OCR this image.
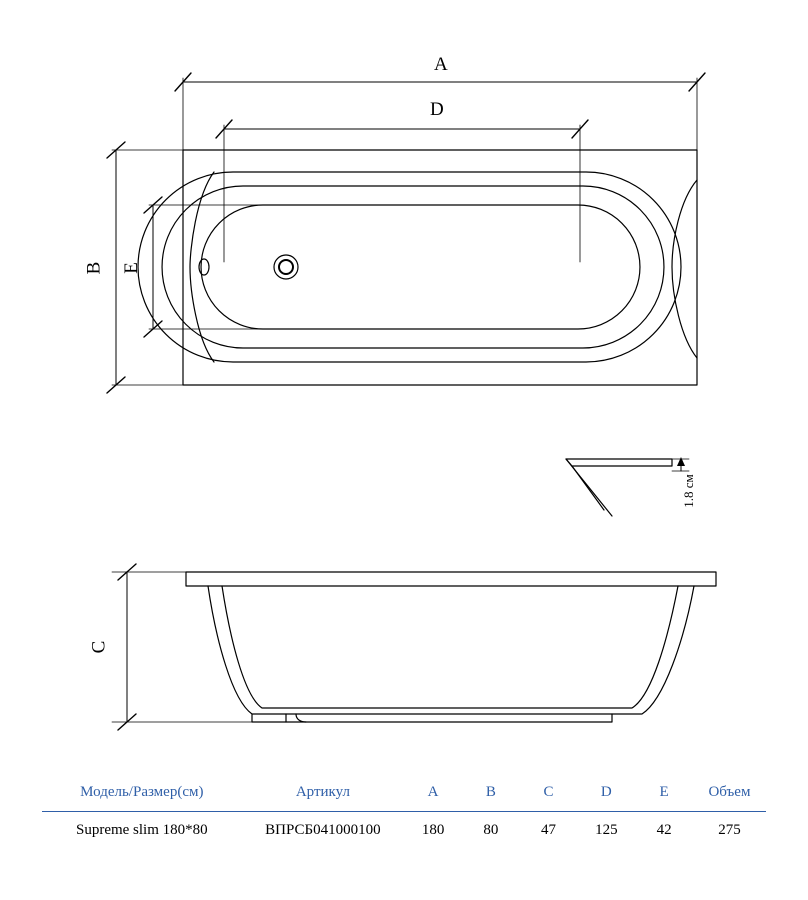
A
D
B E
C
1.8 см
Модель/Размер(см)	Артикул	A	B	C	D	E	Объем
Supreme slim 180*80	ВПРСБ041000100	180	80	47	125	42	275
